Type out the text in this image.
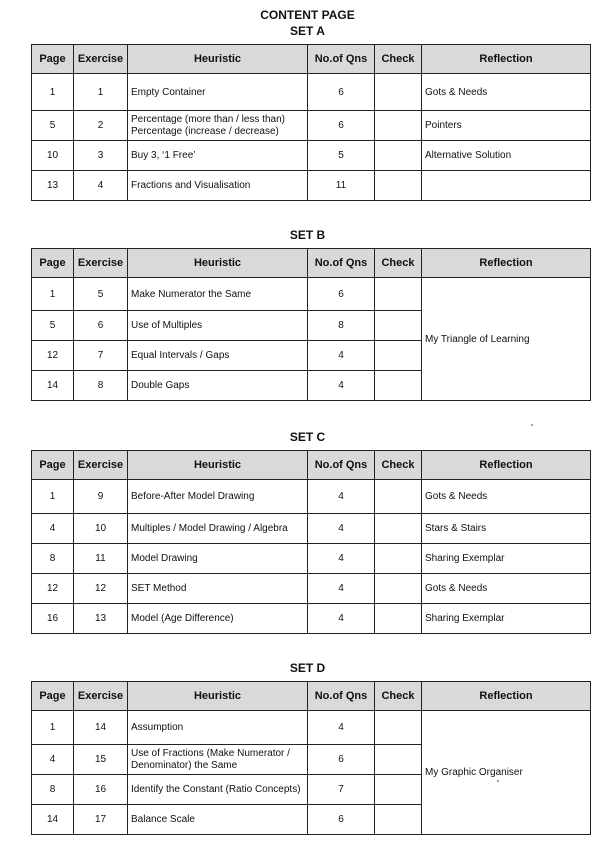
CONTENT PAGE
SET A
Page	Exercise	Heuristic	No.of Qns	Check	Reflection
1	1	Empty Container	6		Gots & Needs
5	2	Percentage (more than / less than)
Percentage (increase / decrease)	6		Pointers
10	3	Buy 3, ‘1 Free’	5		Alternative Solution
13	4	Fractions and Visualisation	11		
SET B
Page	Exercise	Heuristic	No.of Qns	Check	Reflection
1	5	Make Numerator the Same	6		My Triangle of Learning
5	6	Use of Multiples	8		
12	7	Equal Intervals / Gaps	4		
14	8	Double Gaps	4		
SET C
Page	Exercise	Heuristic	No.of Qns	Check	Reflection
1	9	Before-After Model Drawing	4		Gots & Needs
4	10	Multiples / Model Drawing / Algebra	4		Stars & Stairs
8	11	Model Drawing	4		Sharing Exemplar
12	12	SET Method	4		Gots & Needs
16	13	Model (Age Difference)	4		Sharing Exemplar
SET D
Page	Exercise	Heuristic	No.of Qns	Check	Reflection
1	14	Assumption	4		My Graphic Organiser
4	15	Use of Fractions (Make Numerator /
Denominator) the Same	6		
8	16	Identify the Constant (Ratio Concepts)	7		
14	17	Balance Scale	6		
